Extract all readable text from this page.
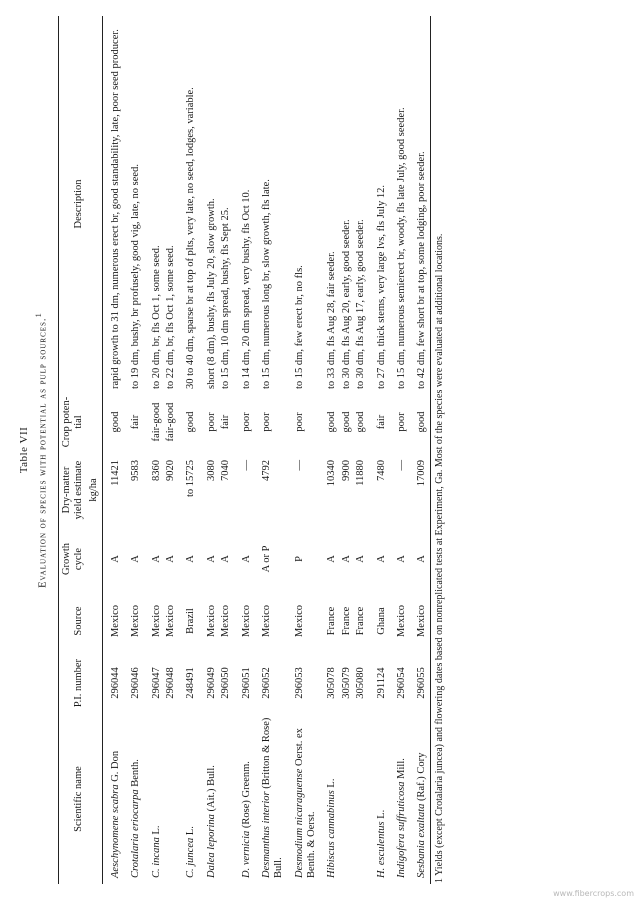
Table VII Evaluation of species with potential as pulp sources.$^1$
Scientific name	P.I. number	Source	Growth cycle	Dry-matter yield estimate	Crop poten-tial	Description
				kg/ha		
Aeschynomene scabra G. Don	296044	Mexico	A	11421	good	rapid growth to 31 dm, numerous erect br, good standability, late, poor seed producer.
Crotalaria eriocarpa Benth.	296046	Mexico	A	9583	fair	to 19 dm, bushy, br profusely, good vig, late, no seed.
C. incana L.	296047	Mexico	A	8360	fair-good	to 20 dm, br, fls Oct 1, some seed.
	296048	Mexico	A	9020	fair-good	to 22 dm, br, fls Oct 1, some seed.
C. juncea L.	248491	Brazil	A	to 15725	good	30 to 40 dm, sparse br at top of plts, very late, no seed, lodges, variable.
Dalea leporina (Ait.) Bull.	296049	Mexico	A	3080	poor	short (8 dm), bushy, fls July 20, slow growth.
	296050	Mexico	A	7040	fair	to 15 dm, 10 dm spread, bushy, fls Sept 25.
D. vernicia (Rose) Greenm.	296051	Mexico	A	—	poor	to 14 dm, 20 dm spread, very bushy, fls Oct 10.
Desmanthus interior (Britton & Rose) Bull.	296052	Mexico	A or P	4792	poor	to 15 dm, numerous long br, slow growth, fls late.
Desmodium nicaraguense Oerst. ex Benth. & Oerst.	296053	Mexico	P	—	poor	to 15 dm, few erect br, no fls.
Hibiscus cannabinus L.	305078	France	A	10340	good	to 33 dm, fls Aug 28, fair seeder.
	305079	France	A	9900	good	to 30 dm, fls Aug 20, early, good seeder.
	305080	France	A	11880	good	to 30 dm, fls Aug 17, early, good seeder.
H. esculentus L.	291124	Ghana	A	7480	fair	to 27 dm, thick stems, very large lvs, fls July 12.
Indigofera suffruticosa Mill.	296054	Mexico	A	—	poor	to 15 dm, numerous semierect br, woody, fls late July, good seeder.
Sesbania exaltata (Raf.) Cory	296055	Mexico	A	17009	good	to 42 dm, few short br at top, some lodging, poor seeder.
1 Yields (except Crotalaria juncea) and flowering dates based on nonreplicated tests at Experiment, Ga. Most of the species were evaluated at additional locations.						
www.fibercrops.com
